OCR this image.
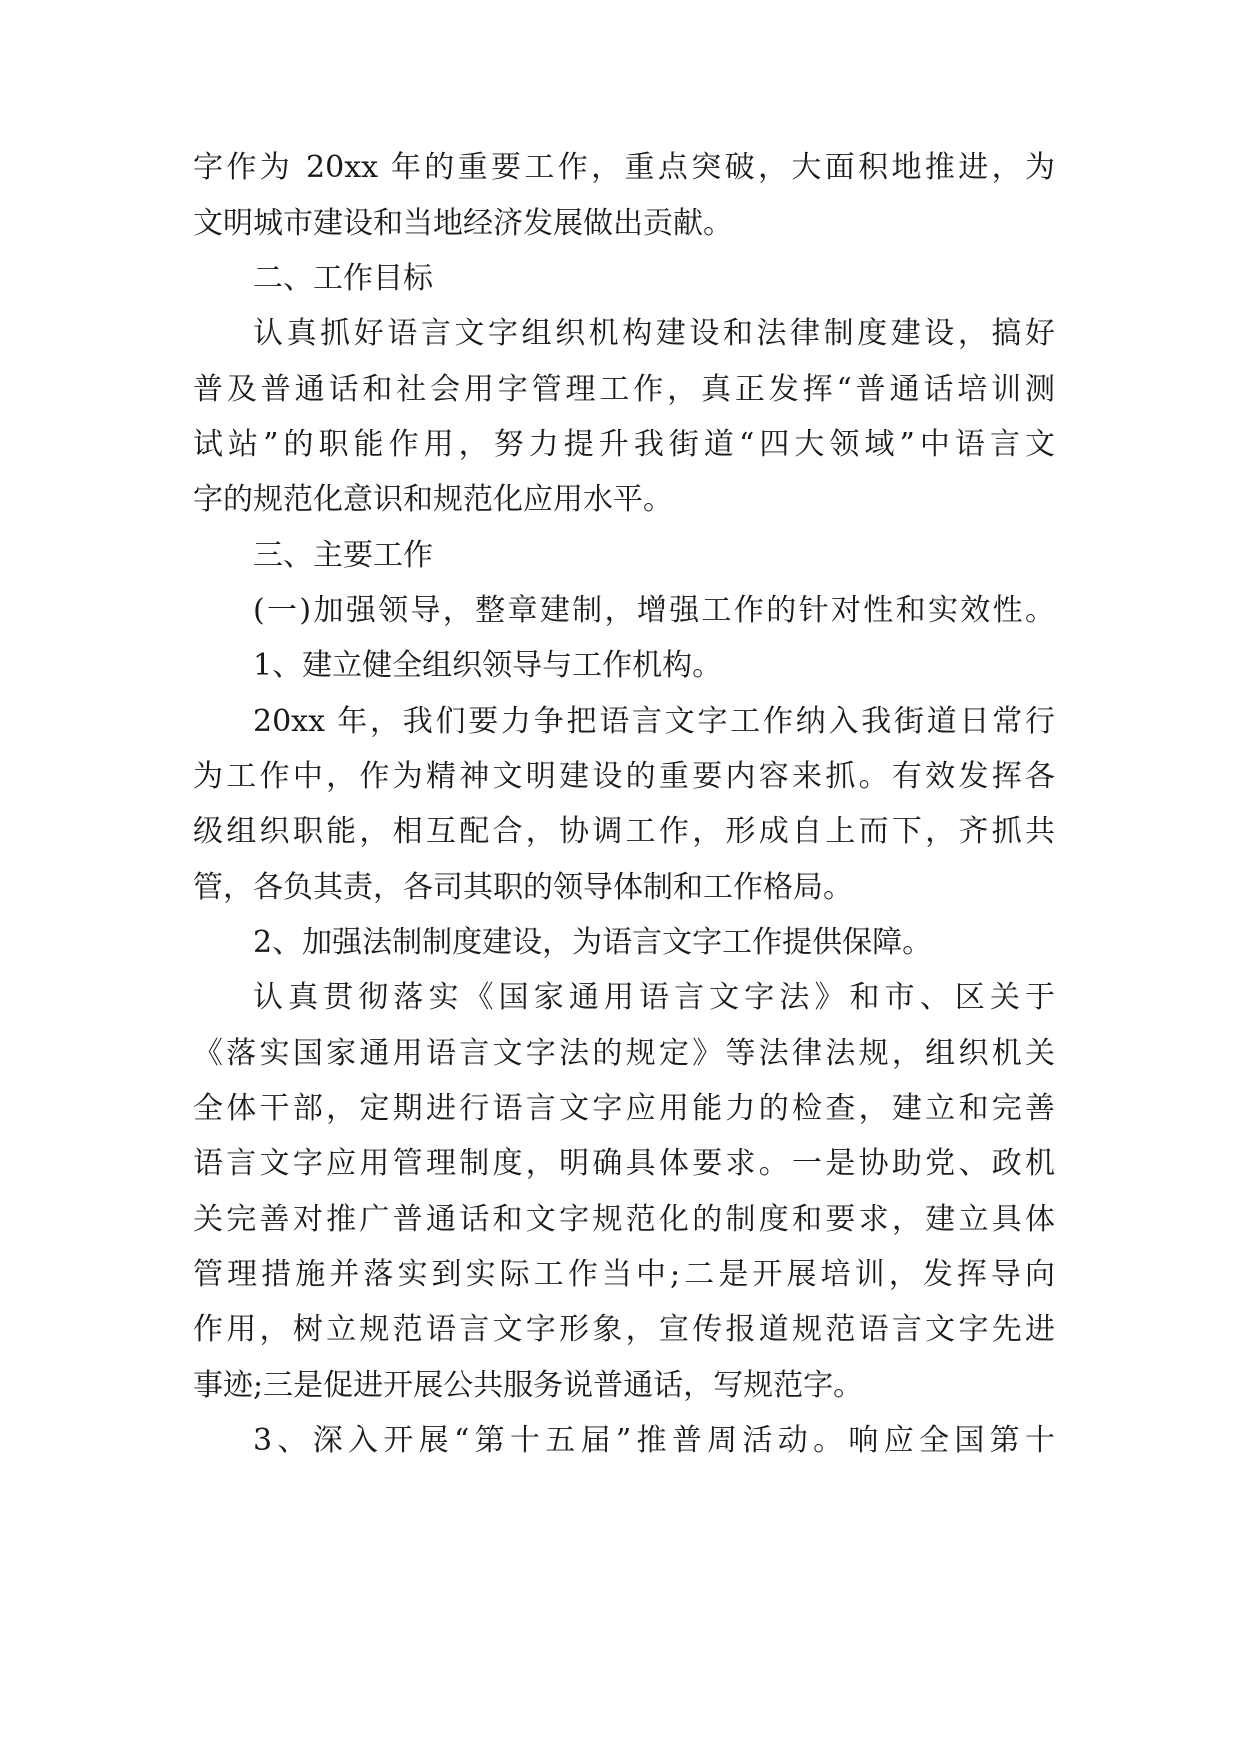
字作为 20xx 年的重要工作，重点突破，大面积地推进，为
文明城市建设和当地经济发展做出贡献。
二、工作目标
认真抓好语言文字组织机构建设和法律制度建设，搞好
普及普通话和社会用字管理工作，真正发挥“普通话培训测
试站”的职能作用，努力提升我街道“四大领域”中语言文
字的规范化意识和规范化应用水平。
三、主要工作
(一)加强领导，整章建制，增强工作的针对性和实效性。
1、建立健全组织领导与工作机构。
20xx 年，我们要力争把语言文字工作纳入我街道日常行
为工作中，作为精神文明建设的重要内容来抓。有效发挥各
级组织职能，相互配合，协调工作，形成自上而下，齐抓共
管，各负其责，各司其职的领导体制和工作格局。
2、加强法制制度建设，为语言文字工作提供保障。
认真贯彻落实《国家通用语言文字法》和市、区关于
《落实国家通用语言文字法的规定》等法律法规，组织机关
全体干部，定期进行语言文字应用能力的检查，建立和完善
语言文字应用管理制度，明确具体要求。一是协助党、政机
关完善对推广普通话和文字规范化的制度和要求，建立具体
管理措施并落实到实际工作当中;二是开展培训，发挥导向
作用，树立规范语言文字形象，宣传报道规范语言文字先进
事迹;三是促进开展公共服务说普通话，写规范字。
3、深入开展“第十五届”推普周活动。响应全国第十
